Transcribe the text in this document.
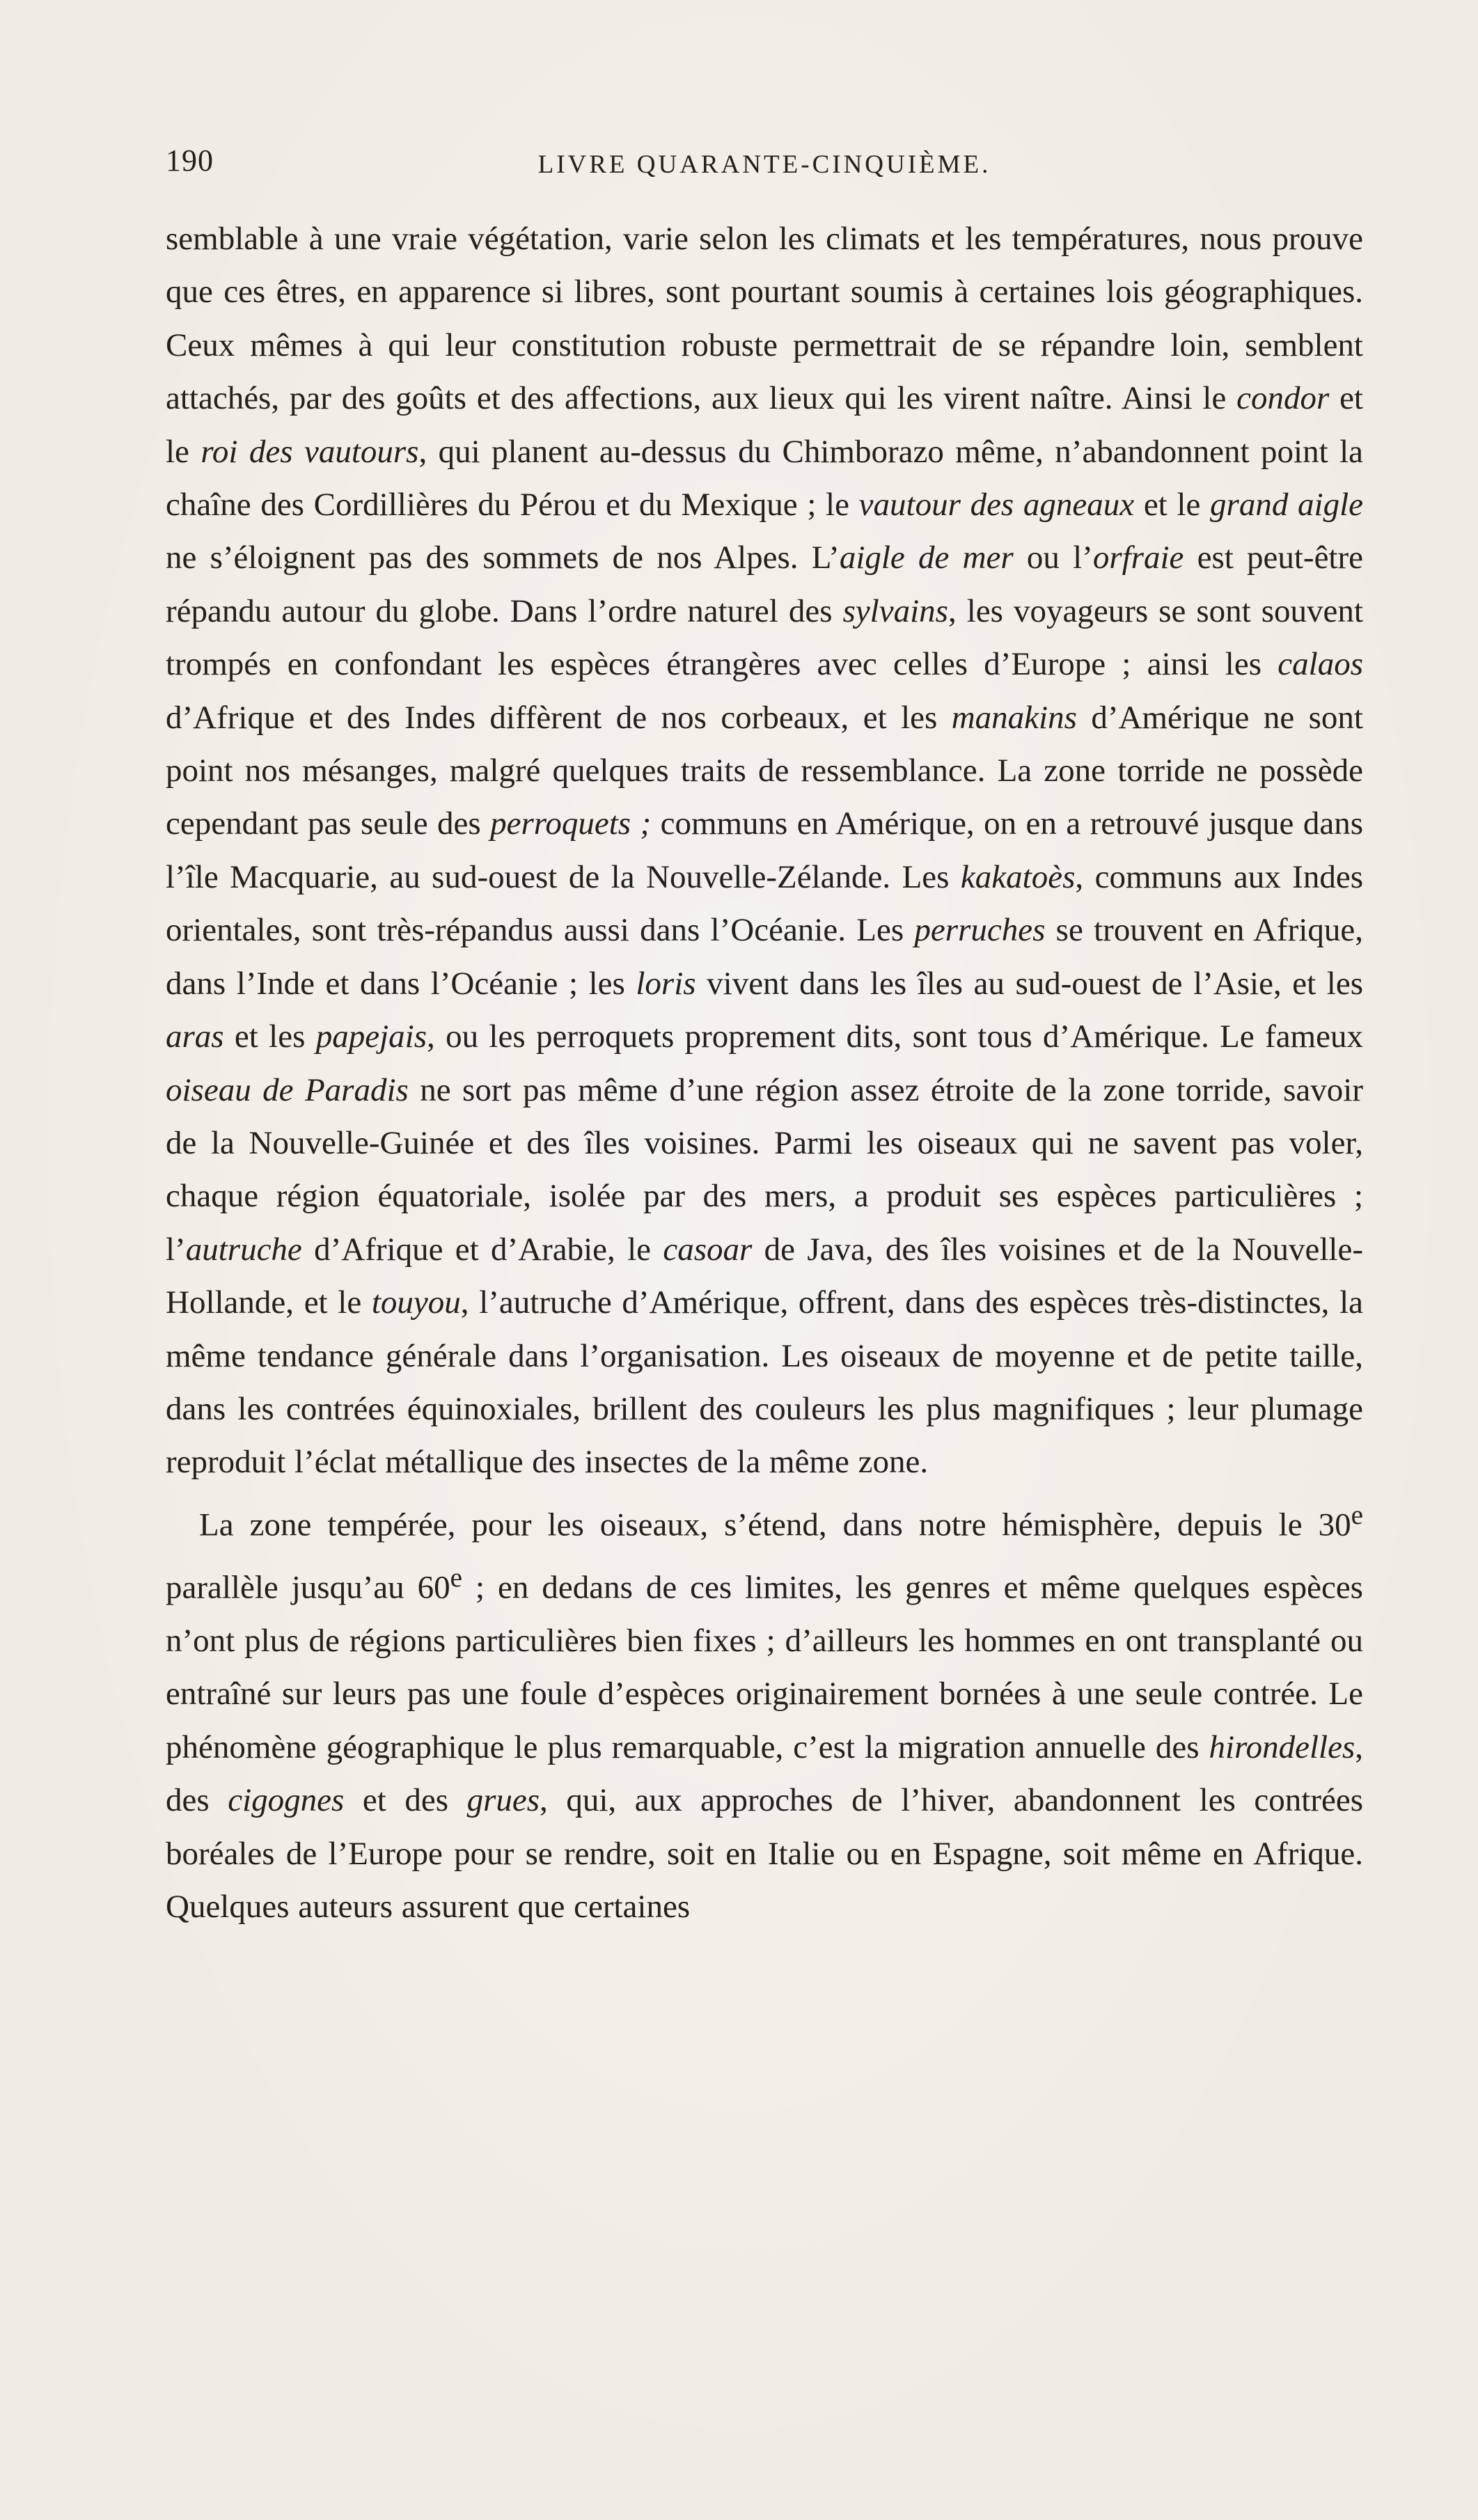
190	LIVRE QUARANTE-CINQUIÈME.

semblable à une vraie végétation, varie selon les climats et les températures, nous prouve que ces êtres, en apparence si libres, sont pourtant soumis à certaines lois géographiques. Ceux mêmes à qui leur constitution robuste permettrait de se répandre loin, semblent attachés, par des goûts et des affections, aux lieux qui les virent naître. Ainsi le condor et le roi des vautours, qui planent au-dessus du Chimborazo même, n’abandonnent point la chaîne des Cordillières du Pérou et du Mexique ; le vautour des agneaux et le grand aigle ne s’éloignent pas des sommets de nos Alpes. L’aigle de mer ou l’orfraie est peut-être répandu autour du globe. Dans l’ordre naturel des sylvains, les voyageurs se sont souvent trompés en confondant les espèces étrangères avec celles d’Europe ; ainsi les calaos d’Afrique et des Indes diffèrent de nos corbeaux, et les manakins d’Amérique ne sont point nos mésanges, malgré quelques traits de ressemblance. La zone torride ne possède cependant pas seule des perroquets ; communs en Amérique, on en a retrouvé jusque dans l’île Macquarie, au sud-ouest de la Nouvelle-Zélande. Les kakatoès, communs aux Indes orientales, sont très-répandus aussi dans l’Océanie. Les perruches se trouvent en Afrique, dans l’Inde et dans l’Océanie ; les loris vivent dans les îles au sud-ouest de l’Asie, et les aras et les papejais, ou les perroquets proprement dits, sont tous d’Amérique. Le fameux oiseau de Paradis ne sort pas même d’une région assez étroite de la zone torride, savoir de la Nouvelle-Guinée et des îles voisines. Parmi les oiseaux qui ne savent pas voler, chaque région équatoriale, isolée par des mers, a produit ses espèces particulières ; l’autruche d’Afrique et d’Arabie, le casoar de Java, des îles voisines et de la Nouvelle-Hollande, et le touyou, l’autruche d’Amérique, offrent, dans des espèces très-distinctes, la même tendance générale dans l’organisation. Les oiseaux de moyenne et de petite taille, dans les contrées équinoxiales, brillent des couleurs les plus magnifiques ; leur plumage reproduit l’éclat métallique des insectes de la même zone.

La zone tempérée, pour les oiseaux, s’étend, dans notre hémisphère, depuis le 30e parallèle jusqu’au 60e ; en dedans de ces limites, les genres et même quelques espèces n’ont plus de régions particulières bien fixes ; d’ailleurs les hommes en ont transplanté ou entraîné sur leurs pas une foule d’espèces originairement bornées à une seule contrée. Le phénomène géographique le plus remarquable, c’est la migration annuelle des hirondelles, des cigognes et des grues, qui, aux approches de l’hiver, abandonnent les contrées boréales de l’Europe pour se rendre, soit en Italie ou en Espagne, soit même en Afrique. Quelques auteurs assurent que certaines
